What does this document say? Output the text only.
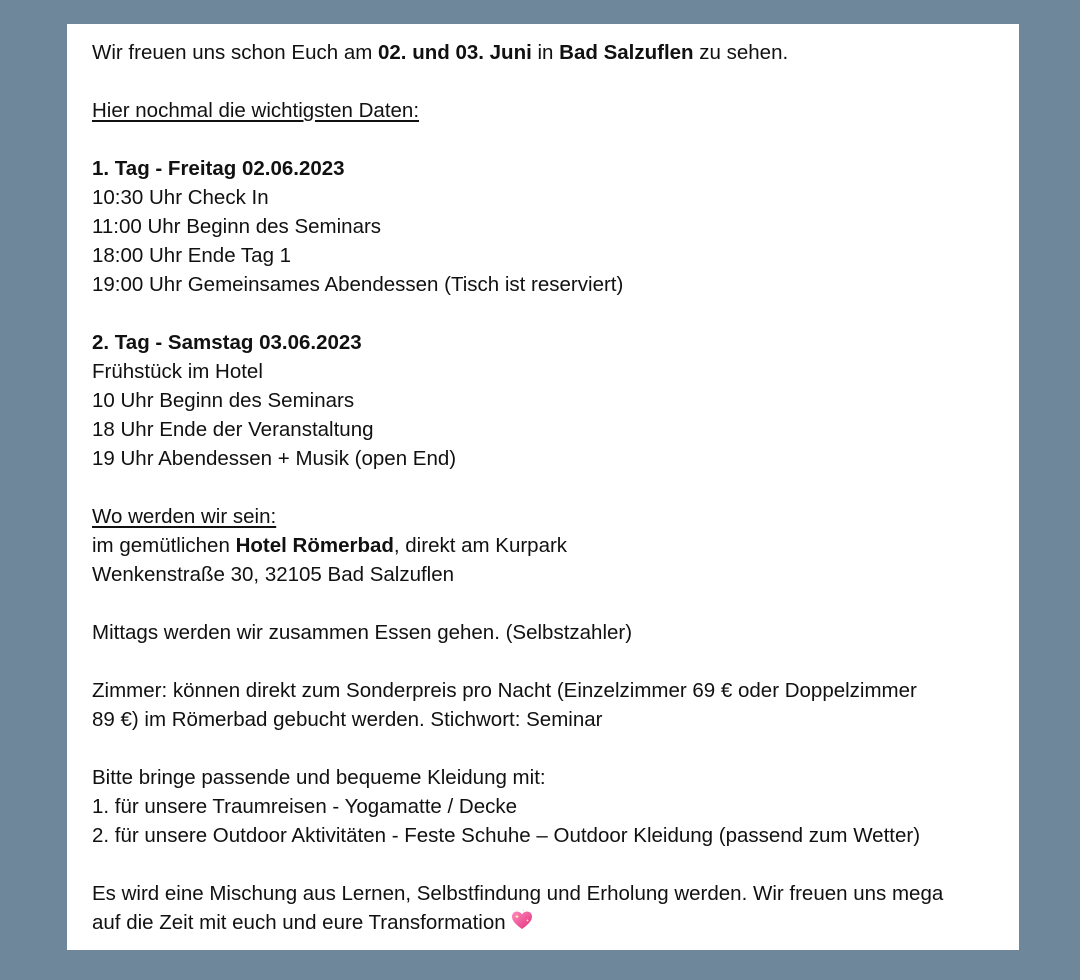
Wir freuen uns schon Euch am 02. und 03. Juni in Bad Salzuflen zu sehen.
Hier nochmal die wichtigsten Daten:
1. Tag - Freitag 02.06.2023
10:30 Uhr Check In
11:00 Uhr Beginn des Seminars
18:00 Uhr Ende Tag 1
19:00 Uhr Gemeinsames Abendessen (Tisch ist reserviert)
2. Tag - Samstag 03.06.2023
Frühstück im Hotel
10 Uhr Beginn des Seminars
18 Uhr Ende der Veranstaltung
19 Uhr Abendessen + Musik (open End)
Wo werden wir sein:
im gemütlichen Hotel Römerbad, direkt am Kurpark
Wenkenstraße 30, 32105 Bad Salzuflen
Mittags werden wir zusammen Essen gehen. (Selbstzahler)
Zimmer: können direkt zum Sonderpreis pro Nacht (Einzelzimmer 69 € oder Doppelzimmer
89 €) im Römerbad gebucht werden. Stichwort: Seminar
Bitte bringe passende und bequeme Kleidung mit:
1. für unsere Traumreisen - Yogamatte / Decke
2. für unsere Outdoor Aktivitäten - Feste Schuhe – Outdoor Kleidung (passend zum Wetter)
Es wird eine Mischung aus Lernen, Selbstfindung und Erholung werden. Wir freuen uns mega
auf die Zeit mit euch und eure Transformation
